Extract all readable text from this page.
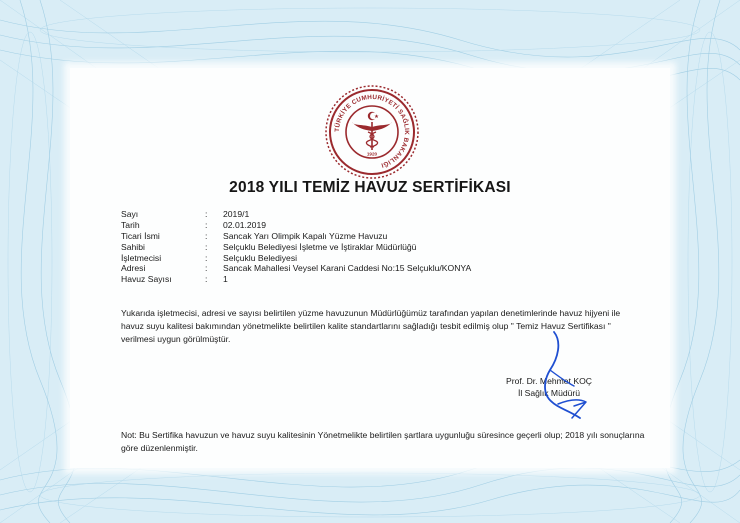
TÜRKİYE CUMHURİYETİ SAĞLIK BAKANLIĞI
1920
2018 YILI TEMİZ HAVUZ SERTİFİKASI
Sayı	:	2019/1
Tarih	:	02.01.2019
Ticari İsmi	:	Sancak Yarı Olimpik Kapalı Yüzme Havuzu
Sahibi	:	Selçuklu Belediyesi İşletme ve İştiraklar Müdürlüğü
İşletmecisi	:	Selçuklu Belediyesi
Adresi	:	Sancak Mahallesi Veysel Karani Caddesi No:15 Selçuklu/KONYA
Havuz Sayısı	:	1
Yukarıda işletmecisi, adresi ve sayısı belirtilen yüzme havuzunun Müdürlüğümüz tarafından yapılan denetimlerinde havuz hijyeni ile havuz suyu kalitesi bakımından yönetmelikte belirtilen kalite standartlarını sağladığı tesbit edilmiş olup " Temiz Havuz Sertifikası " verilmesi uygun görülmüştür.
Prof. Dr. Mehmet KOÇ
İl Sağlık Müdürü
Not: Bu Sertifika havuzun ve havuz suyu kalitesinin Yönetmelikte belirtilen şartlara uygunluğu süresince geçerli olup; 2018 yılı sonuçlarına göre düzenlenmiştir.
